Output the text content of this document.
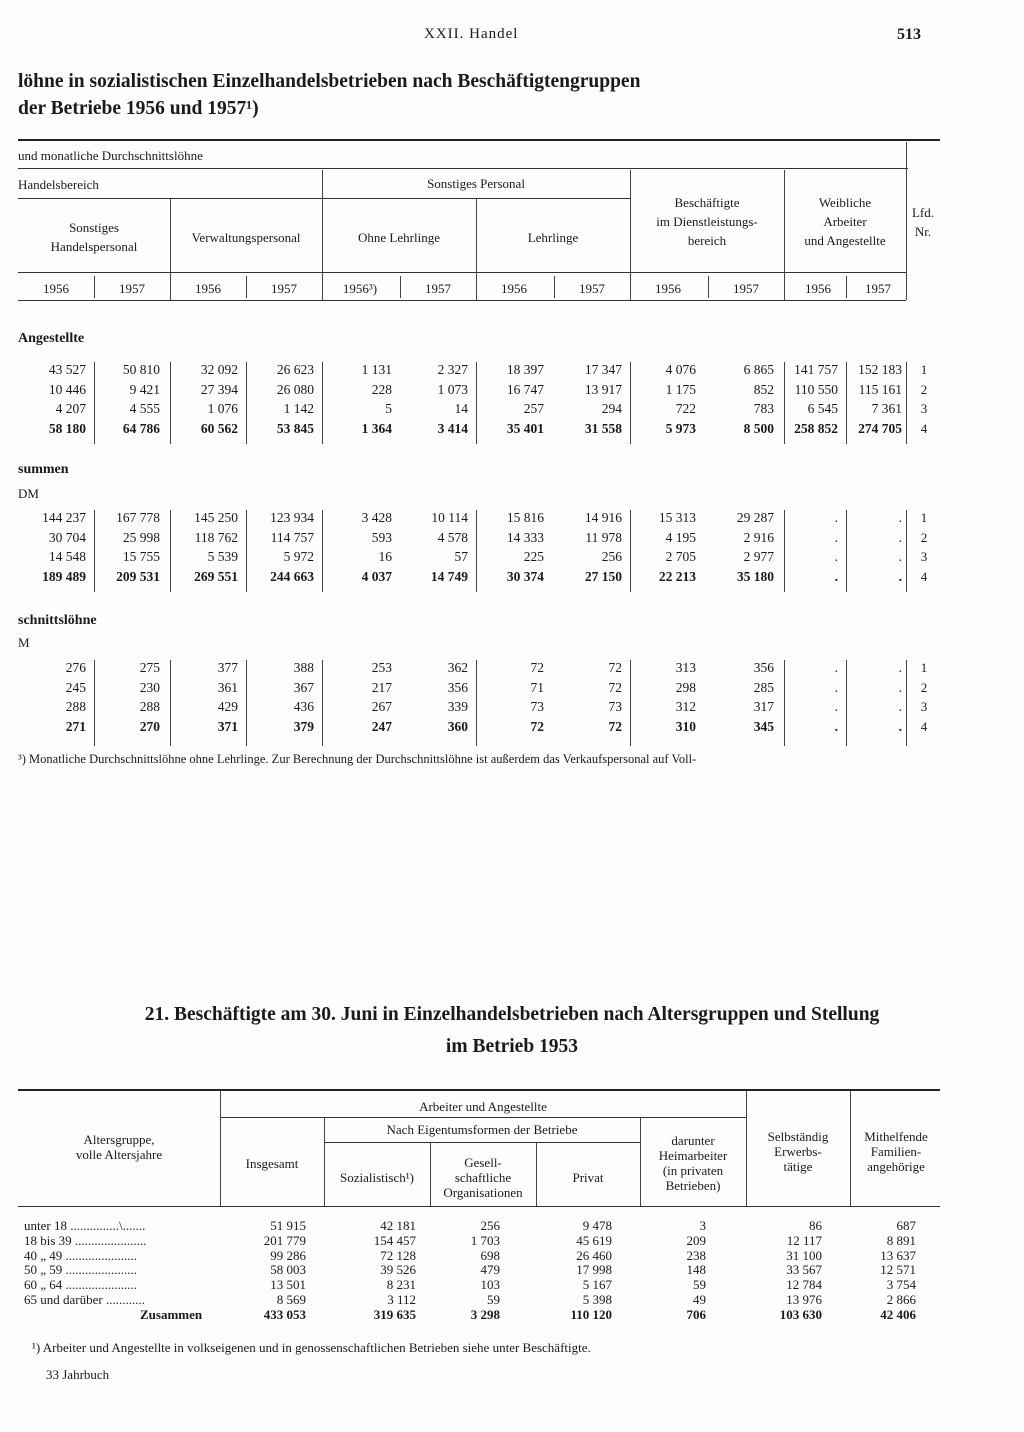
XXII. Handel	513
löhne in sozialistischen Einzelhandelsbetrieben nach Beschäftigtengruppen
der Betriebe 1956 und 1957¹)
und monatliche Durchschnittslöhne
Handelsbereich	Sonstiges Personal
Sonstiges
Handelspersonal
Verwaltungspersonal	Ohne Lehrlinge	Lehrlinge
Beschäftigte
im Dienstleistungs-
bereich
Weibliche
Arbeiter
und Angestellte
Lfd.
Nr.
1956	1957	1956	1957	1956³)	1957	1956	1957	1956	1957	1956	1957
Angestellte
summen
DM
schnittslöhne
M
43 527	50 810	32 092	26 623	1 131	2 327	18 397	17 347	4 076	6 865	141 757	152 183	1
10 446	9 421	27 394	26 080	228	1 073	16 747	13 917	1 175	852	110 550	115 161	2
4 207	4 555	1 076	1 142	5	14	257	294	722	783	6 545	7 361	3
58 180	64 786	60 562	53 845	1 364	3 414	35 401	31 558	5 973	8 500	258 852	274 705	4
144 237	167 778	145 250	123 934	3 428	10 114	15 816	14 916	15 313	29 287	.	.	1
30 704	25 998	118 762	114 757	593	4 578	14 333	11 978	4 195	2 916	.	.	2
14 548	15 755	5 539	5 972	16	57	225	256	2 705	2 977	.	.	3
189 489	209 531	269 551	244 663	4 037	14 749	30 374	27 150	22 213	35 180	.	.	4
276	275	377	388	253	362	72	72	313	356	.	.	1
245	230	361	367	217	356	71	72	298	285	.	.	2
288	288	429	436	267	339	73	73	312	317	.	.	3
271	270	371	379	247	360	72	72	310	345	.	.	4
³) Monatliche Durchschnittslöhne ohne Lehrlinge. Zur Berechnung der Durchschnittslöhne ist außerdem das Verkaufspersonal auf Voll-
21. Beschäftigte am 30. Juni in Einzelhandelsbetrieben nach Altersgruppen und Stellung
im Betrieb 1953
Altersgruppe,
volle Altersjahre
Arbeiter und Angestellte
Insgesamt
Nach Eigentumsformen der Betriebe
Sozialistisch¹)
Gesell-
schaftliche
Organisationen
Privat
darunter
Heimarbeiter
(in privaten
Betrieben)
Selbständig
Erwerbs-
tätige
Mithelfende
Familien-
angehörige
unter 18 ...............\.......	51 915	42 181	256	9 478	3	86	687
18 bis 39 ......................	201 779	154 457	1 703	45 619	209	12 117	8 891
40 „ 49 ......................	99 286	72 128	698	26 460	238	31 100	13 637
50 „ 59 ......................	58 003	39 526	479	17 998	148	33 567	12 571
60 „ 64 ......................	13 501	8 231	103	5 167	59	12 784	3 754
65 und darüber ............	8 569	3 112	59	5 398	49	13 976	2 866
Zusammen	433 053	319 635	3 298	110 120	706	103 630	42 406
¹) Arbeiter und Angestellte in volkseigenen und in genossenschaftlichen Betrieben siehe unter Beschäftigte.
33 Jahrbuch
